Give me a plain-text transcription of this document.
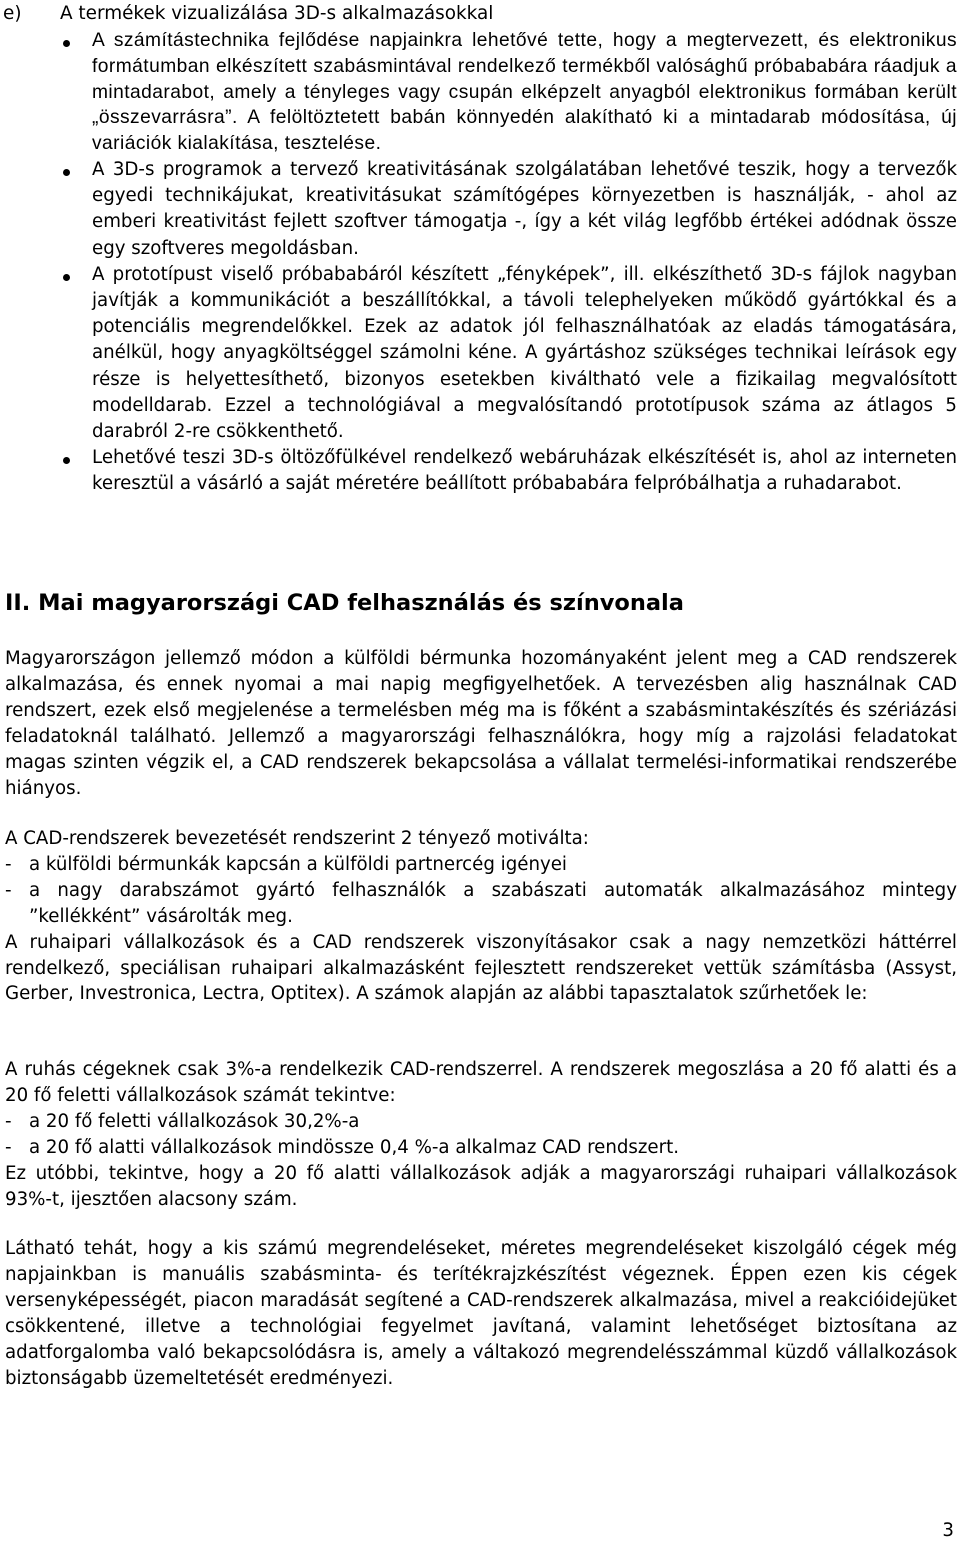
e)	A termékek vizualizálása 3D-s alkalmazásokkal
A számítástechnika fejlődése napjainkra lehetővé tette, hogy a megtervezett, és elektronikus formátumban elkészített szabásmintával rendelkező termékből valósághű próbababára ráadjuk a mintadarabot, amely a tényleges vagy csupán elképzelt anyagból elektronikus formában került „összevarrásra”. A felöltöztetett babán könnyedén alakítható ki a mintadarab módosítása, új variációk kialakítása, tesztelése.
A 3D-s programok a tervező kreativitásának szolgálatában lehetővé teszik, hogy a tervezők egyedi technikájukat, kreativitásukat számítógépes környezetben is használják, - ahol az emberi kreativitást fejlett szoftver támogatja -, így a két világ legfőbb értékei adódnak össze egy szoftveres megoldásban.
A prototípust viselő próbababáról készített „fényképek”, ill. elkészíthető 3D-s fájlok nagyban javítják a kommunikációt a beszállítókkal, a távoli telephelyeken működő gyártókkal és a potenciális megrendelőkkel. Ezek az adatok jól felhasználhatóak az eladás támogatására, anélkül, hogy anyagköltséggel számolni kéne. A gyártáshoz szükséges technikai leírások egy része is helyettesíthető, bizonyos esetekben kiváltható vele a fizikailag megvalósított modelldarab. Ezzel a technológiával a megvalósítandó prototípusok száma az átlagos 5 darabról 2-re csökkenthető.
Lehetővé teszi 3D-s öltözőfülkével rendelkező webáruházak elkészítését is, ahol az interneten keresztül a vásárló a saját méretére beállított próbababára felpróbálhatja a ruhadarabot.
II. Mai magyarországi CAD felhasználás és színvonala
Magyarországon jellemző módon a külföldi bérmunka hozományaként jelent meg a CAD rendszerek alkalmazása, és ennek nyomai a mai napig megfigyelhetőek. A tervezésben alig használnak CAD rendszert, ezek első megjelenése a termelésben még ma is főként a szabásmintakészítés és szériázási feladatoknál található. Jellemző a magyarországi felhasználókra, hogy míg a rajzolási feladatokat magas szinten végzik el, a CAD rendszerek bekapcsolása a vállalat termelési-informatikai rendszerébe hiányos.
A CAD-rendszerek bevezetését rendszerint 2 tényező motiválta:
- a külföldi bérmunkák kapcsán a külföldi partnercég igényei
- a nagy darabszámot gyártó felhasználók a szabászati automaták alkalmazásához mintegy ”kellékként” vásárolták meg.
A ruhaipari vállalkozások és a CAD rendszerek viszonyításakor csak a nagy nemzetközi háttérrel rendelkező, speciálisan ruhaipari alkalmazásként fejlesztett rendszereket vettük számításba (Assyst, Gerber, Investronica, Lectra, Optitex). A számok alapján az alábbi tapasztalatok szűrhetőek le:
A ruhás cégeknek csak 3%-a rendelkezik CAD-rendszerrel. A rendszerek megoszlása a 20 fő alatti és a 20 fő feletti vállalkozások számát tekintve:
- a 20 fő feletti vállalkozások 30,2%-a
- a 20 fő alatti vállalkozások mindössze 0,4 %-a alkalmaz CAD rendszert.
Ez utóbbi, tekintve, hogy a 20 fő alatti vállalkozások adják a magyarországi ruhaipari vállalkozások 93%-t, ijesztően alacsony szám.
Látható tehát, hogy a kis számú megrendeléseket, méretes megrendeléseket kiszolgáló cégek még napjainkban is manuális szabásminta- és terítékrajzkészítést végeznek. Éppen ezen kis cégek versenyképességét, piacon maradását segítené a CAD-rendszerek alkalmazása, mivel a reakcióidejüket csökkentené, illetve a technológiai fegyelmet javítaná, valamint lehetőséget biztosítana az adatforgalomba való bekapcsolódásra is, amely a váltakozó megrendelésszámmal küzdő vállalkozások biztonságabb üzemeltetését eredményezi.
3
